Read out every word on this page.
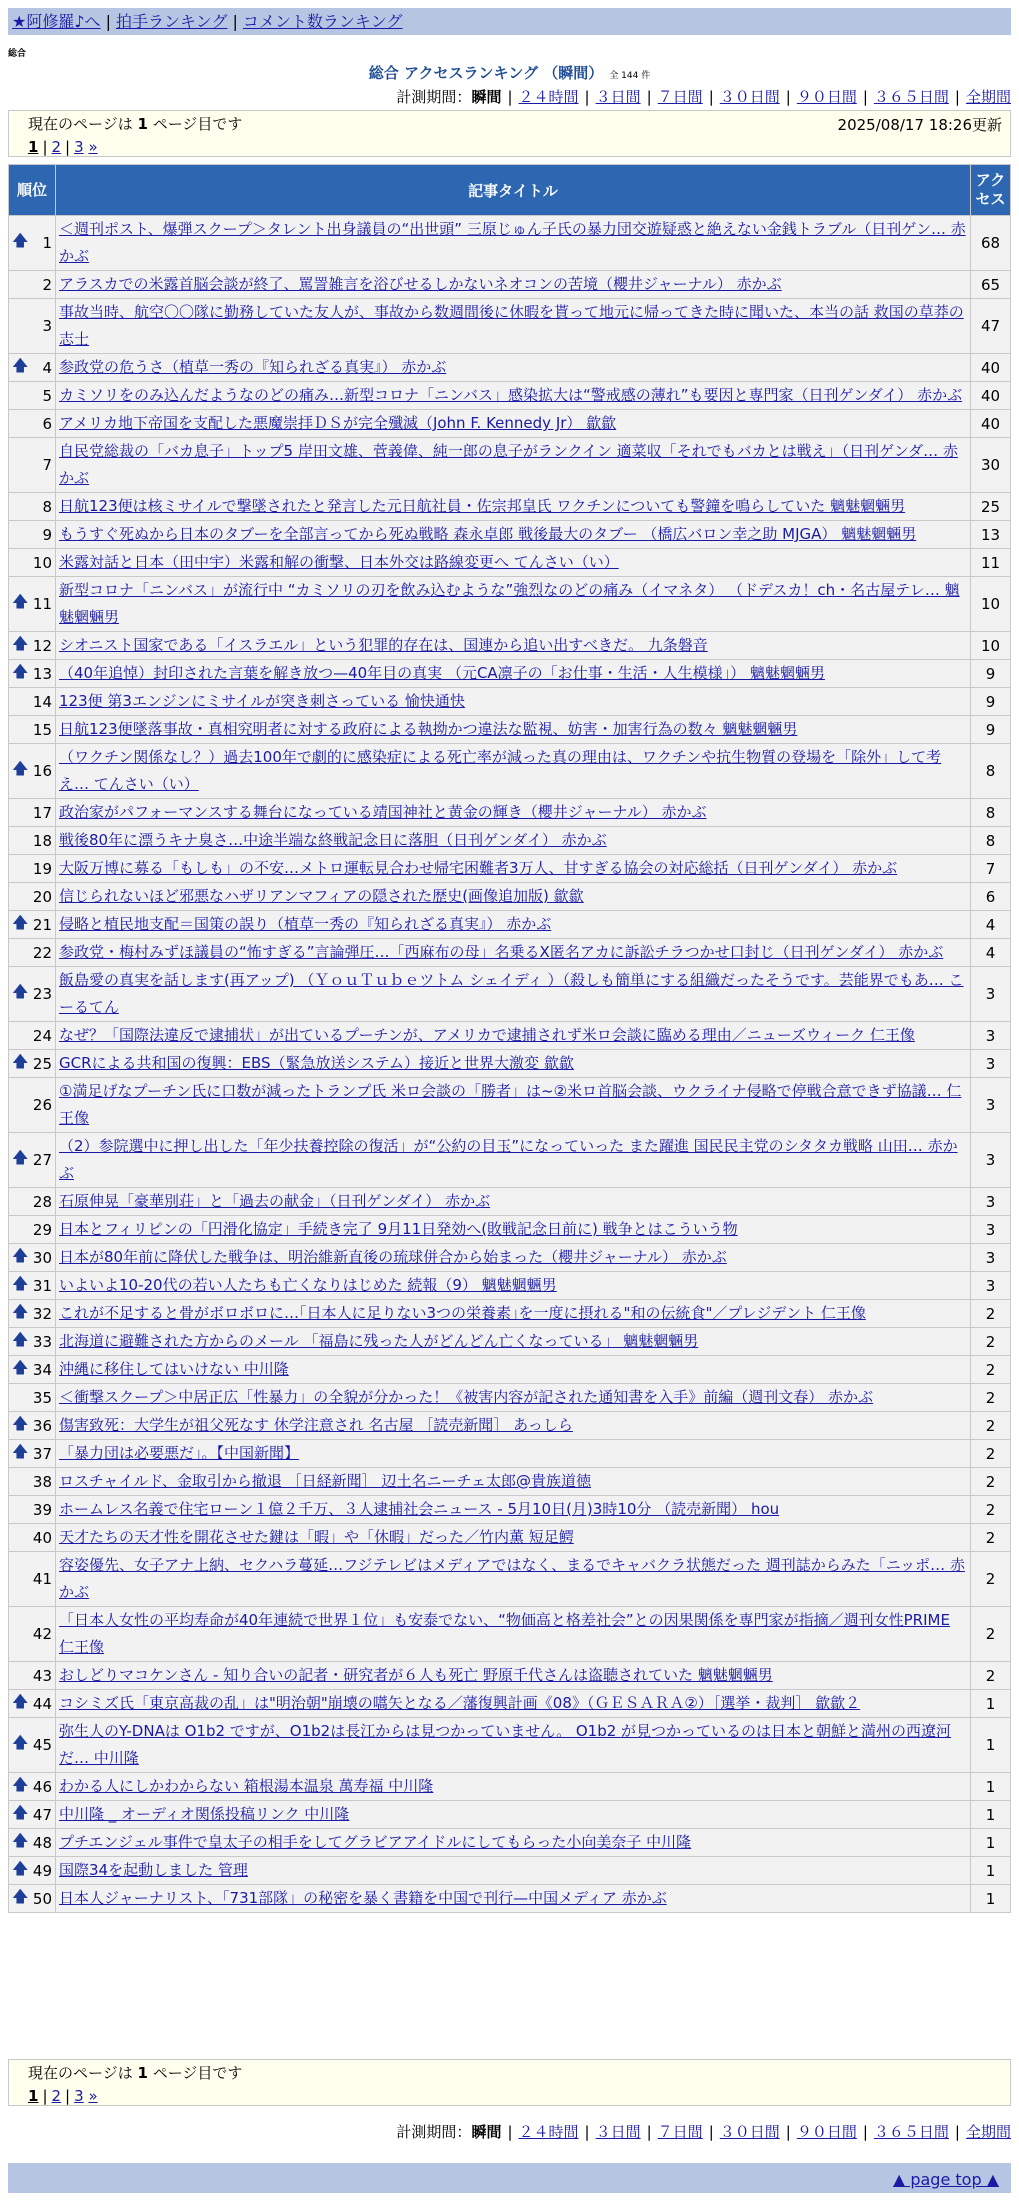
★阿修羅♪へ | 拍手ランキング | コメント数ランキング
総合
総合 アクセスランキング （瞬間） 全 144 件
計測期間：瞬間 | ２４時間 | ３日間 | ７日間 | ３０日間 | ９０日間 | ３６５日間 | 全期間
現在のページは 1 ページ目です	2025/08/17 18:26更新
1 | 2 | 3 »
順位	記事タイトル	アクセス

🡅 1	＜週刊ポスト、爆弾スクープ＞タレント出身議員の“出世頭” 三原じゅん子氏の暴力団交遊疑惑と絶えない金銭トラブル（日刊ゲン… 赤かぶ	68
2	アラスカでの米露首脳会談が終了、罵詈雑言を浴びせるしかないネオコンの苦境（櫻井ジャーナル） 赤かぶ	65
3	事故当時、航空〇〇隊に勤務していた友人が、事故から数週間後に休暇を貰って地元に帰ってきた時に聞いた、本当の話 救国の草莽の志士	47

🡅 4	参政党の危うさ（植草一秀の『知られざる真実』） 赤かぶ	40
5	カミソリをのみ込んだようなのどの痛み…新型コロナ「ニンバス」感染拡大は“警戒感の薄れ”も要因と専門家（日刊ゲンダイ） 赤かぶ	40
6	アメリカ地下帝国を支配した悪魔崇拝ＤＳが完全殲滅（John F. Kennedy Jr） 歙歙	40
7	自民党総裁の「バカ息子」トップ5 岸田文雄、菅義偉、純一郎の息子がランクイン 適菜収「それでもバカとは戦え」（日刊ゲンダ… 赤かぶ	30
8	日航123便は核ミサイルで撃墜されたと発言した元日航社員・佐宗邦皇氏 ワクチンについても警鐘を鳴らしていた 魑魅魍魎男	25
9	もうすぐ死ぬから日本のタブーを全部言ってから死ぬ戦略 森永卓郎 戦後最大のタブー （橋広バロン幸之助 MJGA） 魑魅魍魎男	13
10	米露対話と日本（田中宇）米露和解の衝撃、日本外交は路線変更へ てんさい（い）	11

🡅 11	新型コロナ「ニンバス」が流行中 “カミソリの刃を飲み込むような”強烈なのどの痛み（イマネタ） （ドデスカ！ch・名古屋テレ… 魑魅魍魎男	10

🡅 12	シオニスト国家である「イスラエル」という犯罪的存在は、国連から追い出すべきだ。 九条磐音	10

🡅 13	（40年追悼）封印された言葉を解き放つ—40年目の真実 （元CA凛子の「お仕事・生活・人生模様」） 魑魅魍魎男	9
14	123便 第3エンジンにミサイルが突き刺さっている 愉快通快	9
15	日航123便墜落事故・真相究明者に対する政府による執拗かつ違法な監視、妨害・加害行為の数々 魑魅魍魎男	9

🡅 16	（ワクチン関係なし？）過去100年で劇的に感染症による死亡率が減った真の理由は、ワクチンや抗生物質の登場を「除外」して考え… てんさい（い）	8
17	政治家がパフォーマンスする舞台になっている靖国神社と黄金の輝き（櫻井ジャーナル） 赤かぶ	8
18	戦後80年に漂うキナ臭さ…中途半端な終戦記念日に落胆（日刊ゲンダイ） 赤かぶ	8
19	大阪万博に募る「もしも」の不安…メトロ運転見合わせ帰宅困難者3万人、甘すぎる協会の対応総括（日刊ゲンダイ） 赤かぶ	7
20	信じられないほど邪悪なハザリアンマフィアの隠された歴史(画像追加版) 歙歙	6

🡅 21	侵略と植民地支配＝国策の誤り（植草一秀の『知られざる真実』） 赤かぶ	4
22	参政党・梅村みずほ議員の“怖すぎる”言論弾圧…「西麻布の母」名乗るX匿名アカに訴訟チラつかせ口封じ（日刊ゲンダイ） 赤かぶ	4

🡅 23	飯島愛の真実を話します(再アップ) （ＹｏｕＴｕｂｅツトム シェイディ ）（殺しも簡単にする組織だったそうです。芸能界でもあ… こーるてん	3
24	なぜ？「国際法違反で逮捕状」が出ているプーチンが、アメリカで逮捕されず米ロ会談に臨める理由／ニューズウィーク 仁王像	3

🡅 25	GCRによる共和国の復興：EBS（緊急放送システム）接近と世界大激変 歙歙	3
26	①満足げなプーチン氏に口数が減ったトランプ氏 米ロ会談の「勝者」は~②米ロ首脳会談、ウクライナ侵略で停戦合意できず協議… 仁王像	3

🡅 27	（2）参院選中に押し出した「年少扶養控除の復活」が“公約の目玉”になっていった また躍進 国民民主党のシタタカ戦略 山田… 赤かぶ	3
28	石原伸晃「豪華別荘」と「過去の献金」（日刊ゲンダイ） 赤かぶ	3
29	日本とフィリピンの「円滑化協定」手続き完了 9月11日発効へ(敗戦記念日前に) 戦争とはこういう物	3

🡅 30	日本が80年前に降伏した戦争は、明治維新直後の琉球併合から始まった（櫻井ジャーナル） 赤かぶ	3

🡅 31	いよいよ10-20代の若い人たちも亡くなりはじめた 続報（9） 魑魅魍魎男	3

🡅 32	これが不足すると骨がボロボロに…｢日本人に足りない3つの栄養素｣を一度に摂れる"和の伝統食"／プレジデント 仁王像	2

🡅 33	北海道に避難された方からのメール 「福島に残った人がどんどん亡くなっている」 魑魅魍魎男	2

🡅 34	沖縄に移住してはいけない 中川隆	2
35	＜衝撃スクープ＞中居正広「性暴力」の全貌が分かった！《被害内容が記された通知書を入手》前編（週刊文春） 赤かぶ	2

🡅 36	傷害致死：大学生が祖父死なす 休学注意され 名古屋 ［読売新聞］ あっしら	2

🡅 37	「暴力団は必要悪だ」。【中国新聞】	2
38	ロスチャイルド、金取引から撤退 ［日経新聞］ 辺土名ニーチェ太郎@貴族道徳	2
39	ホームレス名義で住宅ローン１億２千万、３人逮捕社会ニュース - 5月10日(月)3時10分 （読売新聞） hou	2
40	天才たちの天才性を開花させた鍵は「暇」や「休暇」だった／竹内薫 短足鰐	2
41	容姿優先、女子アナ上納、セクハラ蔓延…フジテレビはメディアではなく、まるでキャバクラ状態だった 週刊誌からみた「ニッポ… 赤かぶ	2
42	「日本人女性の平均寿命が40年連続で世界１位」も安泰でない、“物価高と格差社会”との因果関係を専門家が指摘／週刊女性PRIME 仁王像	2
43	おしどりマコケンさん - 知り合いの記者・研究者が６人も死亡 野原千代さんは盗聴されていた 魑魅魍魎男	2

🡅 44	コシミズ氏「東京高裁の乱」は"明治朝"崩壊の嚆矢となる／藩復興計画《08》（ＧＥＳＡＲＡ②）［選挙・裁判］ 歙歙２	1

🡅 45	弥生人のY-DNAは O1b2 ですが、O1b2は長江からは見つかっていません。 O1b2 が見つかっているのは日本と朝鮮と満州の西遼河だ… 中川隆	1

🡅 46	わかる人にしかわからない 箱根湯本温泉 萬寿福 中川隆	1

🡅 47	中川隆 _ オーディオ関係投稿リンク 中川隆	1

🡅 48	プチエンジェル事件で皇太子の相手をしてグラビアアイドルにしてもらった小向美奈子 中川隆	1

🡅 49	国際34を起動しました 管理	1

🡅 50	日本人ジャーナリスト、「731部隊」の秘密を暴く書籍を中国で刊行—中国メディア 赤かぶ	1
現在のページは 1 ページ目です
1 | 2 | 3 »
計測期間：瞬間 | ２４時間 | ３日間 | ７日間 | ３０日間 | ９０日間 | ３６５日間 | 全期間
▲ page top ▲
